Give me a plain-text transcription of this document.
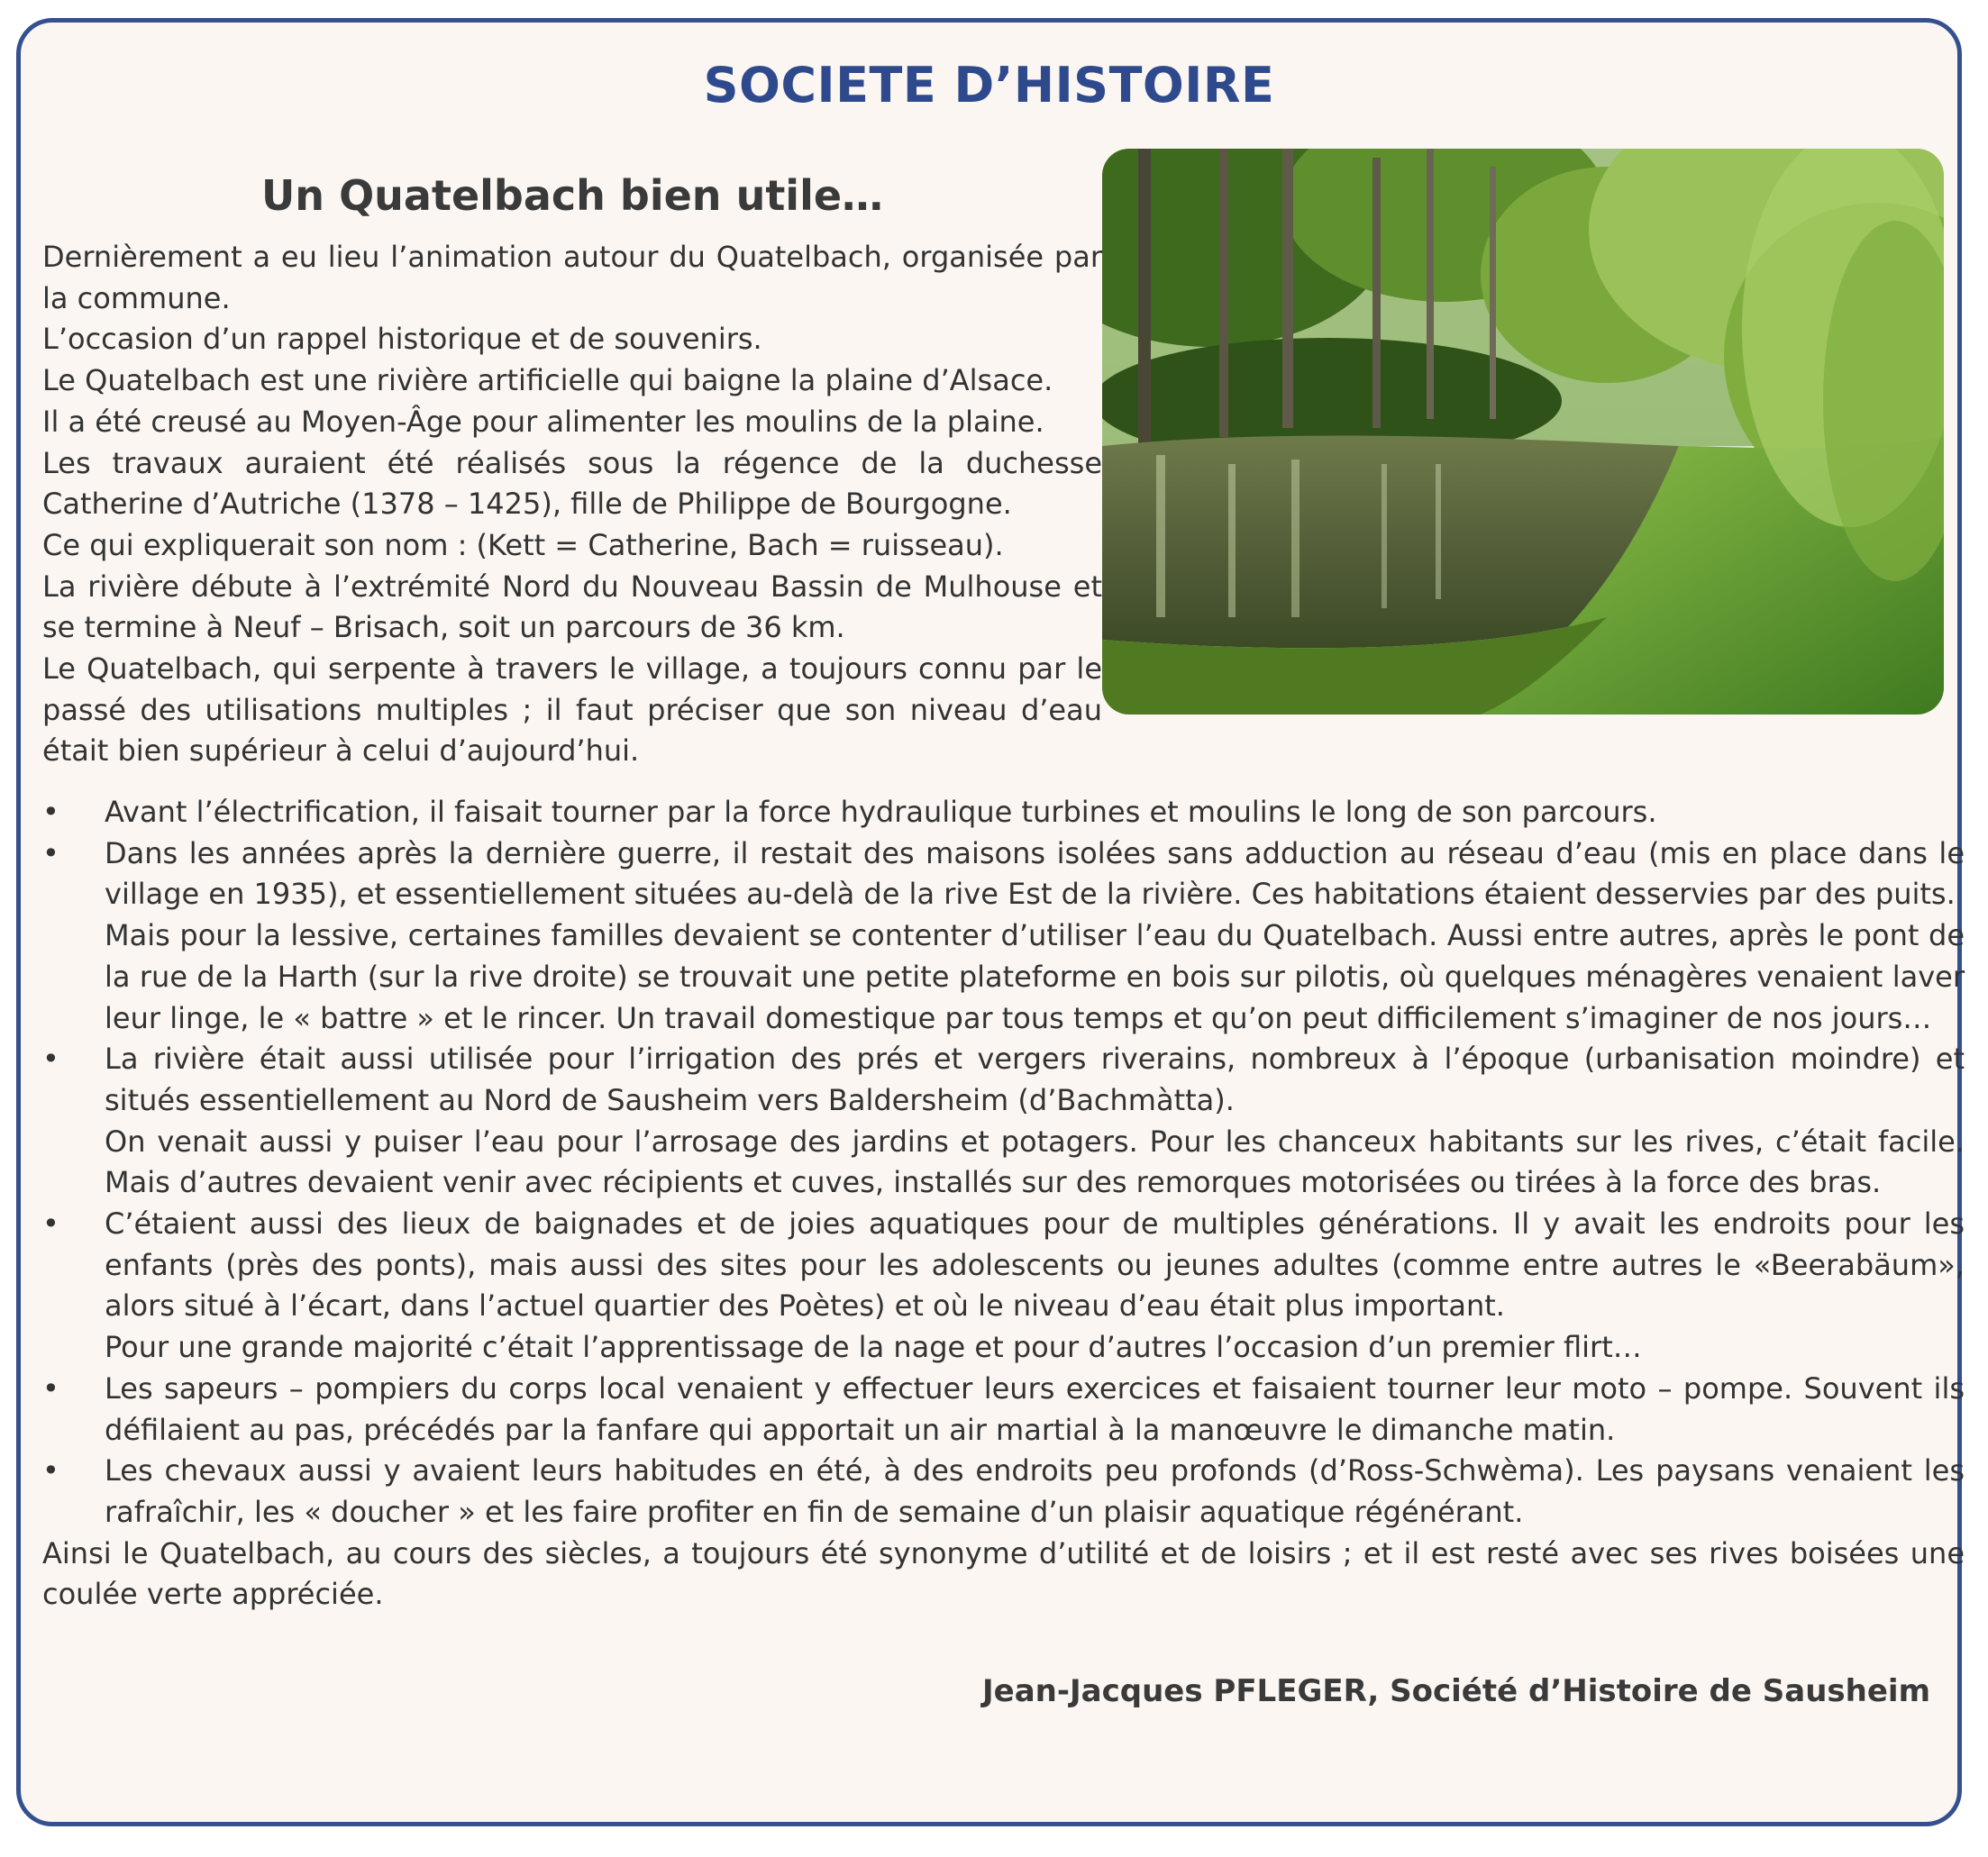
SOCIETE D’HISTOIRE
Un Quatelbach bien utile…

Dernièrement a eu lieu l’animation autour du Quatelbach, organisée par la commune.

L’occasion d’un rappel historique et de souvenirs.

Le Quatelbach est une rivière artificielle qui baigne la plaine d’Alsace.

Il a été creusé au Moyen-Âge pour alimenter les moulins de la plaine.

Les travaux auraient été réalisés sous la régence de la duchesse Catherine d’Autriche (1378 – 1425), fille de Philippe de Bourgogne.

Ce qui expliquerait son nom : (Kett = Catherine, Bach = ruisseau).

La rivière débute à l’extrémité Nord du Nouveau Bassin de Mulhouse et se termine à Neuf – Brisach, soit un parcours de 36 km.

Le Quatelbach, qui serpente à travers le village, a toujours connu par le passé des utilisations multiples ; il faut préciser que son niveau d’eau était bien supérieur à celui d’aujourd’hui.

• Avant l’électrification, il faisait tourner par la force hydraulique turbines et moulins le long de son parcours.

• Dans les années après la dernière guerre, il restait des maisons isolées sans adduction au réseau d’eau (mis en place dans le village en 1935), et essentiellement situées au-delà de la rive Est de la rivière. Ces habitations étaient desservies par des puits.

Mais pour la lessive, certaines familles devaient se contenter d’utiliser l’eau du Quatelbach. Aussi entre autres, après le pont de la rue de la Harth (sur la rive droite) se trouvait une petite plateforme en bois sur pilotis, où quelques ménagères venaient laver leur linge, le « battre » et le rincer. Un travail domestique par tous temps et qu’on peut difficilement s’imaginer de nos jours…

• La rivière était aussi utilisée pour l’irrigation des prés et vergers riverains, nombreux à l’époque (urbanisation moindre) et situés essentiellement au Nord de Sausheim vers Baldersheim (d’Bachmàtta).

On venait aussi y puiser l’eau pour l’arrosage des jardins et potagers. Pour les chanceux habitants sur les rives, c’était facile. Mais d’autres devaient venir avec récipients et cuves, installés sur des remorques motorisées ou tirées à la force des bras.

• C’étaient aussi des lieux de baignades et de joies aquatiques pour de multiples générations. Il y avait les endroits pour les enfants (près des ponts), mais aussi des sites pour les adolescents ou jeunes adultes (comme entre autres le «Beerabäum», alors situé à l’écart, dans l’actuel quartier des Poètes) et où le niveau d’eau était plus important.

Pour une grande majorité c’était l’apprentissage de la nage et pour d’autres l’occasion d’un premier flirt…

• Les sapeurs – pompiers du corps local venaient y effectuer leurs exercices et faisaient tourner leur moto – pompe. Souvent ils défilaient au pas, précédés par la fanfare qui apportait un air martial à la manœuvre le dimanche matin.

• Les chevaux aussi y avaient leurs habitudes en été, à des endroits peu profonds (d’Ross-Schwèma). Les paysans venaient les rafraîchir, les « doucher » et les faire profiter en fin de semaine d’un plaisir aquatique régénérant.

Ainsi le Quatelbach, au cours des siècles, a toujours été synonyme d’utilité et de loisirs ; et il est resté avec ses rives boisées une coulée verte appréciée.

Jean-Jacques PFLEGER, Société d’Histoire de Sausheim
